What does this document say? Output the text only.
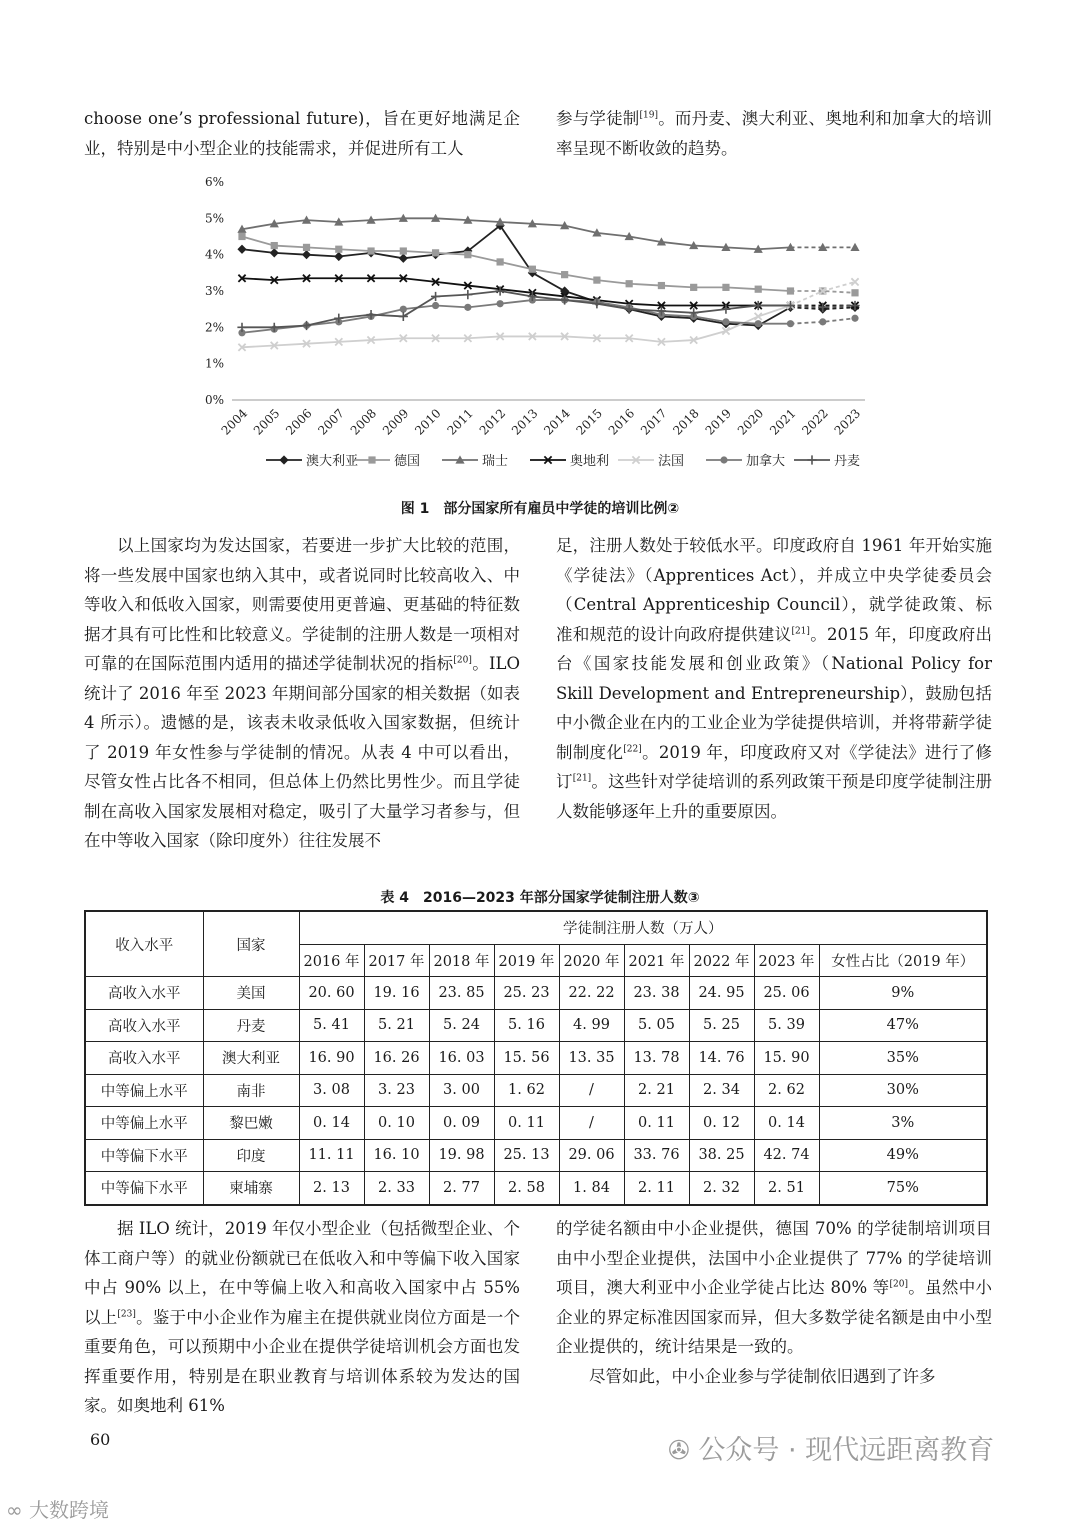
choose one’s professional future)，旨在更好地满足企业，特别是中小型企业的技能需求，并促进所有工人

参与学徒制[19]。而丹麦、澳大利亚、奥地利和加拿大的培训率呈现不断收敛的趋势。

0%
1%
2%
3%
4%
5%
6%
2004 2005 2006 2007 2008 2009 2010 2011 2012 2013 2014 2015 2016 2017 2018 2019 2020 2021 2022 2023
澳大利亚	德国	瑞士	奥地利	法国	加拿大	丹麦
图 1　部分国家所有雇员中学徒的培训比例②

以上国家均为发达国家，若要进一步扩大比较的范围，将一些发展中国家也纳入其中，或者说同时比较高收入、中等收入和低收入国家，则需要使用更普遍、更基础的特征数据才具有可比性和比较意义。学徒制的注册人数是一项相对可靠的在国际范围内适用的描述学徒制状况的指标[20]。ILO 统计了 2016 年至 2023 年期间部分国家的相关数据（如表 4 所示）。遗憾的是，该表未收录低收入国家数据，但统计了 2019 年女性参与学徒制的情况。从表 4 中可以看出，尽管女性占比各不相同，但总体上仍然比男性少。而且学徒制在高收入国家发展相对稳定，吸引了大量学习者参与，但在中等收入国家（除印度外）往往发展不

足，注册人数处于较低水平。印度政府自 1961 年开始实施《学徒法》（Apprentices Act），并成立中央学徒委员会（Central Apprenticeship Council），就学徒政策、标准和规范的设计向政府提供建议[21]。2015 年，印度政府出台《国家技能发展和创业政策》（National Policy for Skill Development and Entrepreneurship），鼓励包括中小微企业在内的工业企业为学徒提供培训，并将带薪学徒制制度化[22]。2019 年，印度政府又对《学徒法》进行了修订[21]。这些针对学徒培训的系列政策干预是印度学徒制注册人数能够逐年上升的重要原因。

表 4　2016—2023 年部分国家学徒制注册人数③
收入水平	国家	学徒制注册人数（万人）								
		2016 年	2017 年	2018 年	2019 年	2020 年	2021 年	2022 年	2023 年	女性占比（2019 年）
高收入水平	美国	20. 60	19. 16	23. 85	25. 23	22. 22	23. 38	24. 95	25. 06	9%
高收入水平	丹麦	5. 41	5. 21	5. 24	5. 16	4. 99	5. 05	5. 25	5. 39	47%
高收入水平	澳大利亚	16. 90	16. 26	16. 03	15. 56	13. 35	13. 78	14. 76	15. 90	35%
中等偏上水平	南非	3. 08	3. 23	3. 00	1. 62	/	2. 21	2. 34	2. 62	30%
中等偏上水平	黎巴嫩	0. 14	0. 10	0. 09	0. 11	/	0. 11	0. 12	0. 14	3%
中等偏下水平	印度	11. 11	16. 10	19. 98	25. 13	29. 06	33. 76	38. 25	42. 74	49%
中等偏下水平	柬埔寨	2. 13	2. 33	2. 77	2. 58	1. 84	2. 11	2. 32	2. 51	75%

据 ILO 统计，2019 年仅小型企业（包括微型企业、个体工商户等）的就业份额就已在低收入和中等偏下收入国家中占 90% 以上，在中等偏上收入和高收入国家中占 55% 以上[23]。鉴于中小企业作为雇主在提供就业岗位方面是一个重要角色，可以预期中小企业在提供学徒培训机会方面也发挥重要作用，特别是在职业教育与培训体系较为发达的国家。如奥地利 61%

的学徒名额由中小企业提供，德国 70% 的学徒制培训项目由中小型企业提供，法国中小企业提供了 77% 的学徒培训项目，澳大利亚中小企业学徒占比达 80% 等[20]。虽然中小企业的界定标准因国家而异，但大多数学徒名额是由中小型企业提供的，统计结果是一致的。

尽管如此，中小企业参与学徒制依旧遇到了许多

60	✇ 公众号 · 现代远距离教育
∞ 大数跨境
